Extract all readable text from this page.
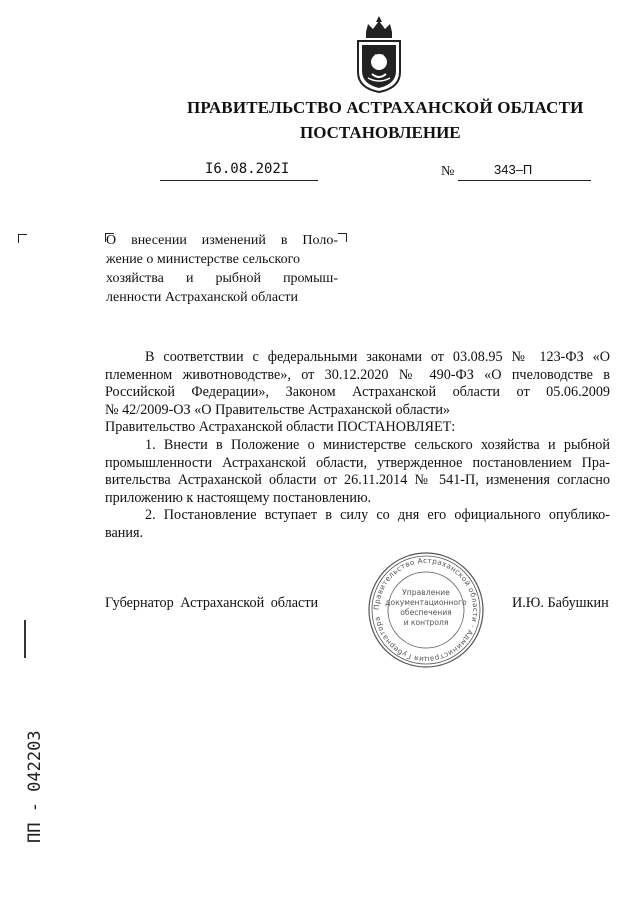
ПРАВИТЕЛЬСТВО АСТРАХАНСКОЙ ОБЛАСТИ
ПОСТАНОВЛЕНИЕ
I6.08.202I	№	343–П
О внесении изменений в Поло-
жение о министерстве сельского
хозяйства и рыбной промыш-
ленности Астраханской области
В соответствии с федеральными законами от 03.08.95 № 123-ФЗ «О
племенном животноводстве», от 30.12.2020 № 490-ФЗ «О пчеловодстве в
Российской Федерации», Законом Астраханской области от 05.06.2009
№ 42/2009-ОЗ «О Правительстве Астраханской области»
Правительство Астраханской области ПОСТАНОВЛЯЕТ:
1. Внести в Положение о министерстве сельского хозяйства и рыбной
промышленности Астраханской области, утвержденное постановлением Пра-
вительства Астраханской области от 26.11.2014 № 541-П, изменения согласно
приложению к настоящему постановлению.
2. Постановление вступает в силу со дня его официального опублико-
вания.
Губернатор Астраханской области	И.Ю. Бабушкин
Правительство Астраханской области · Администрация Губернатора
Управление
документационного
обеспечения
и контроля
ПП - 042203
